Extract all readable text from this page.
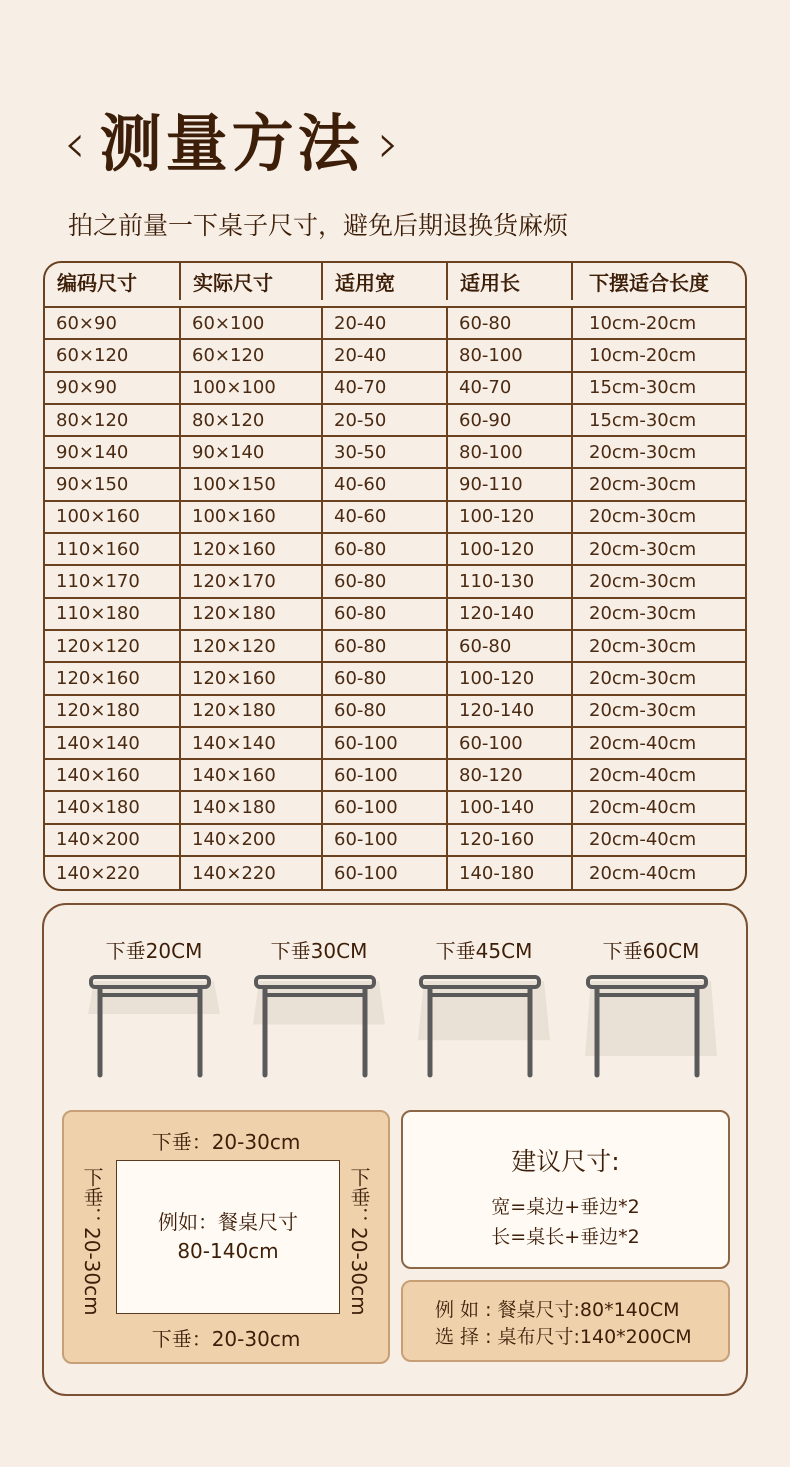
‹ 测量方法 ›
拍之前量一下桌子尺寸，避免后期退换货麻烦
编码尺寸	实际尺寸	适用宽	适用长	下摆适合长度
60×90	60×100	20-40	60-80	10cm-20cm
60×120	60×120	20-40	80-100	10cm-20cm
90×90	100×100	40-70	40-70	15cm-30cm
80×120	80×120	20-50	60-90	15cm-30cm
90×140	90×140	30-50	80-100	20cm-30cm
90×150	100×150	40-60	90-110	20cm-30cm
100×160	100×160	40-60	100-120	20cm-30cm
110×160	120×160	60-80	100-120	20cm-30cm
110×170	120×170	60-80	110-130	20cm-30cm
110×180	120×180	60-80	120-140	20cm-30cm
120×120	120×120	60-80	60-80	20cm-30cm
120×160	120×160	60-80	100-120	20cm-30cm
120×180	120×180	60-80	120-140	20cm-30cm
140×140	140×140	60-100	60-100	20cm-40cm
140×160	140×160	60-100	80-120	20cm-40cm
140×180	140×180	60-100	100-140	20cm-40cm
140×200	140×200	60-100	120-160	20cm-40cm
140×220	140×220	60-100	140-180	20cm-40cm
下垂20CM	下垂30CM	下垂45CM	下垂60CM
下垂：20-30cm
下垂：20-30cm	下垂：20-30cm
例如：餐桌尺寸
80-140cm
下垂：20-30cm
建议尺寸:
宽=桌边+垂边*2
长=桌长+垂边*2
例 如 : 餐桌尺寸:80*140CM
选 择 : 桌布尺寸:140*200CM
